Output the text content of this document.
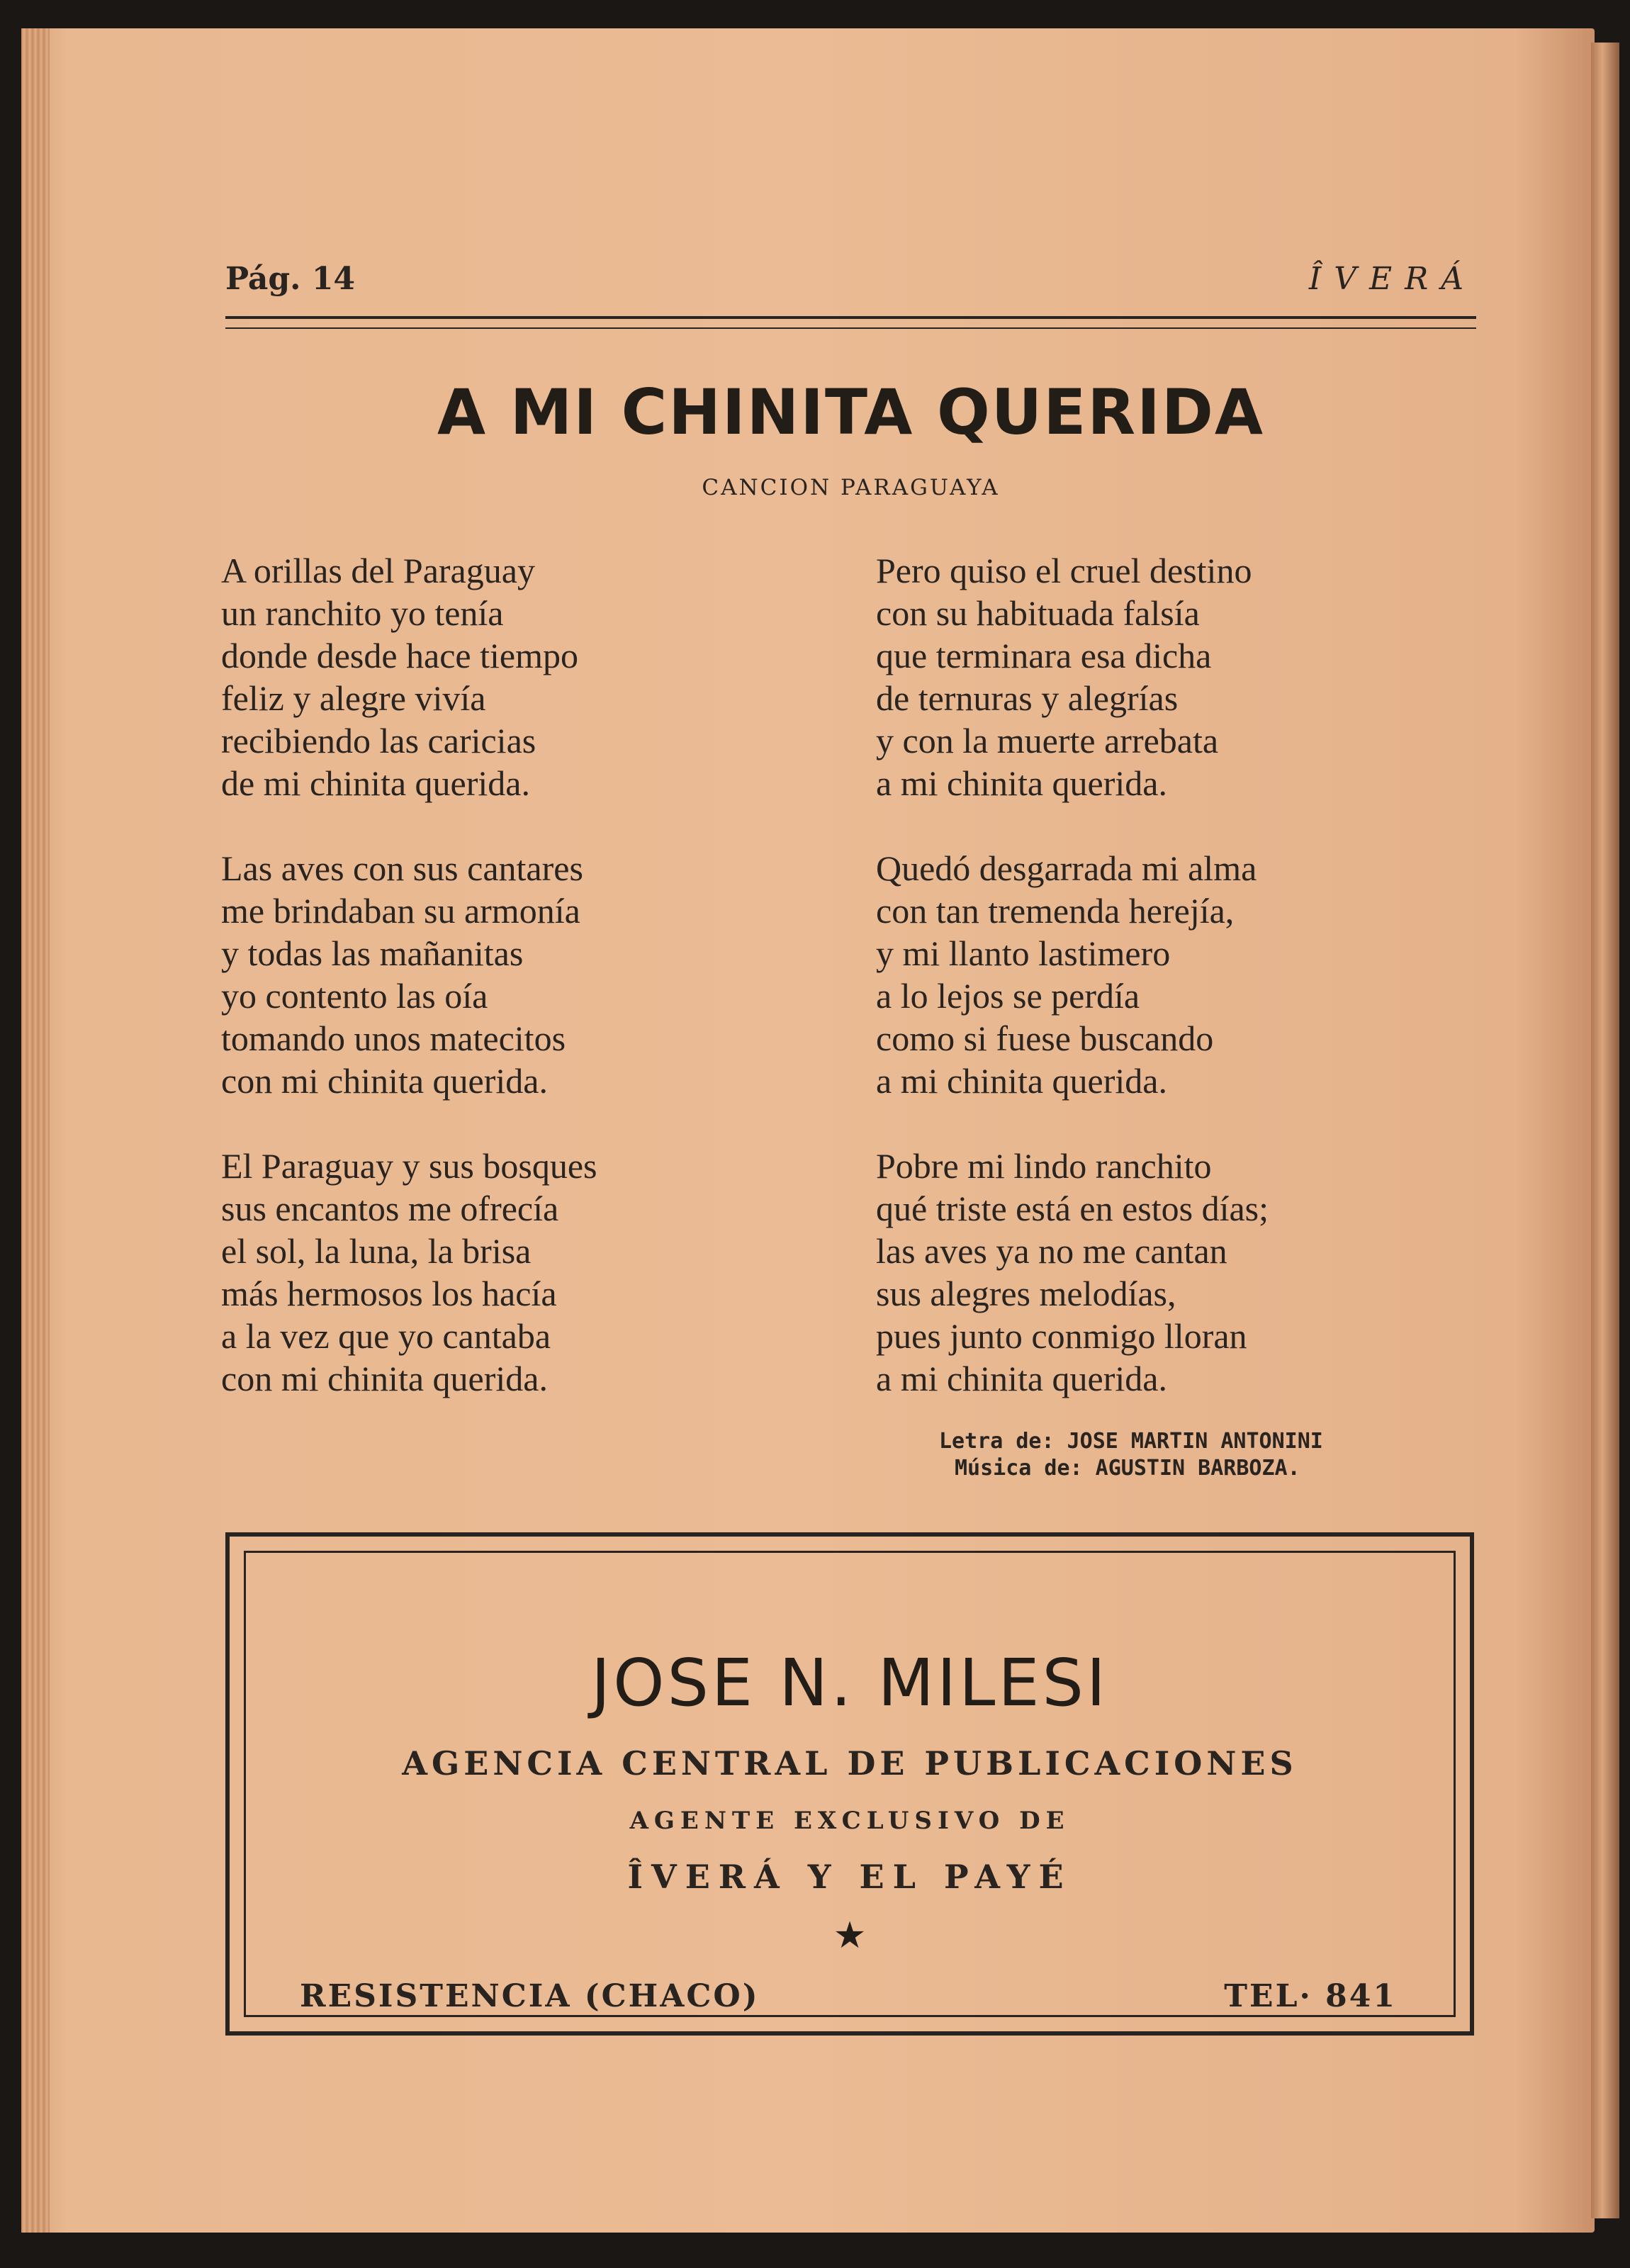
Pág. 14	ÎVERÁ
A MI CHINITA QUERIDA
CANCION PARAGUAYA
A orillas del Paraguay
un ranchito yo tenía
donde desde hace tiempo
feliz y alegre vivía
recibiendo las caricias
de mi chinita querida.
Las aves con sus cantares
me brindaban su armonía
y todas las mañanitas
yo contento las oía
tomando unos matecitos
con mi chinita querida.
El Paraguay y sus bosques
sus encantos me ofrecía
el sol, la luna, la brisa
más hermosos los hacía
a la vez que yo cantaba
con mi chinita querida.
Pero quiso el cruel destino
con su habituada falsía
que terminara esa dicha
de ternuras y alegrías
y con la muerte arrebata
a mi chinita querida.
Quedó desgarrada mi alma
con tan tremenda herejía,
y mi llanto lastimero
a lo lejos se perdía
como si fuese buscando
a mi chinita querida.
Pobre mi lindo ranchito
qué triste está en estos días;
las aves ya no me cantan
sus alegres melodías,
pues junto conmigo lloran
a mi chinita querida.
Letra de: JOSE MARTIN ANTONINI
Música de: AGUSTIN BARBOZA.
JOSE N. MILESI
AGENCIA CENTRAL DE PUBLICACIONES
AGENTE EXCLUSIVO DE
ÎVERÁ Y EL PAYÉ
★
RESISTENCIA (CHACO)	TEL· 841
